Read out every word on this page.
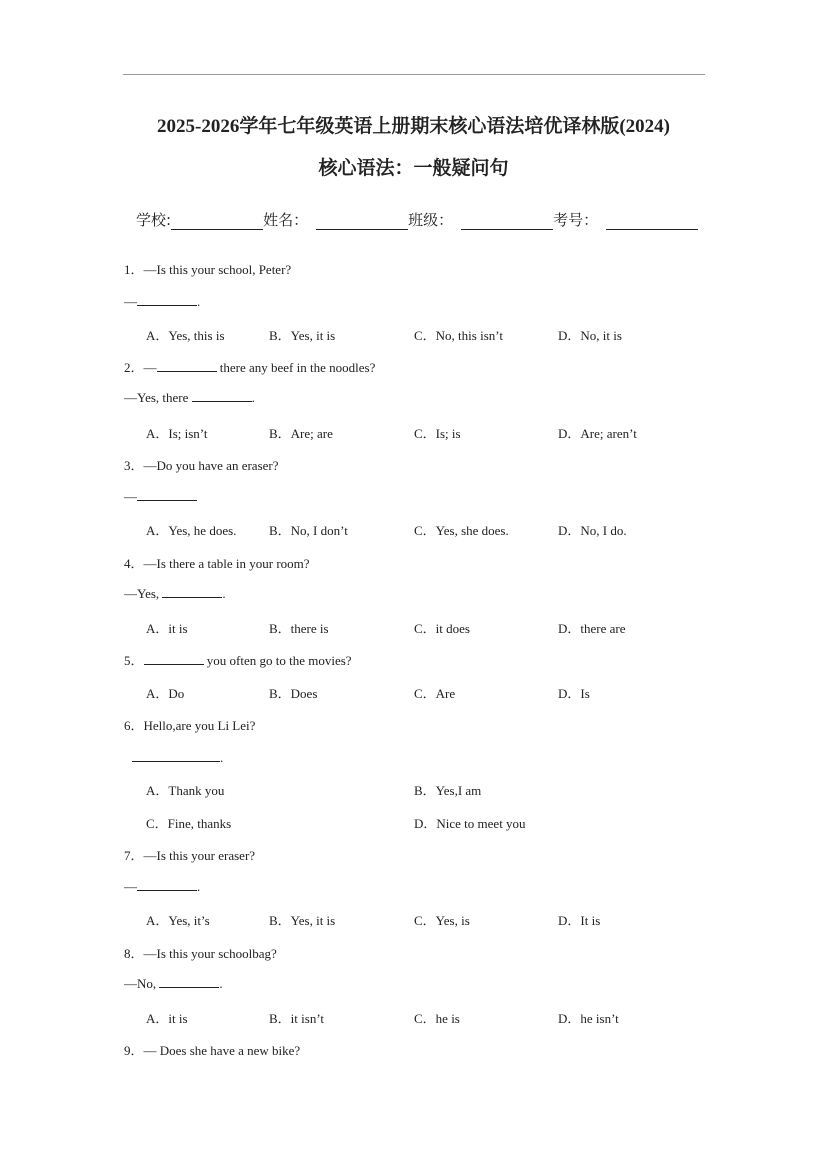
2025-2026学年七年级英语上册期末核心语法培优译林版(2024)
核心语法：一般疑问句
学校:	姓名：	班级：	考号：
1．—Is this your school, Peter?
—	.
A．Yes, this is	B．Yes, it is	C．No, this isn’t	D．No, it is
2．—	there any beef in the noodles?
—Yes, there	.
A．Is; isn’t	B．Are; are	C．Is; is	D．Are; aren’t
3．—Do you have an eraser?
—
A．Yes, he does.	B．No, I don’t	C．Yes, she does.	D．No, I do.
4．—Is there a table in your room?
—Yes,	.
A．it is	B．there is	C．it does	D．there are
5．	you often go to the movies?
A．Do	B．Does	C．Are	D．Is
6．Hello,are you Li Lei?
.
A．Thank you	B．Yes,I am
C．Fine, thanks	D．Nice to meet you
7．—Is this your eraser?
—	.
A．Yes, it’s	B．Yes, it is	C．Yes, is	D．It is
8．—Is this your schoolbag?
—No,	.
A．it is	B．it isn’t	C．he is	D．he isn’t
9．— Does she have a new bike?
